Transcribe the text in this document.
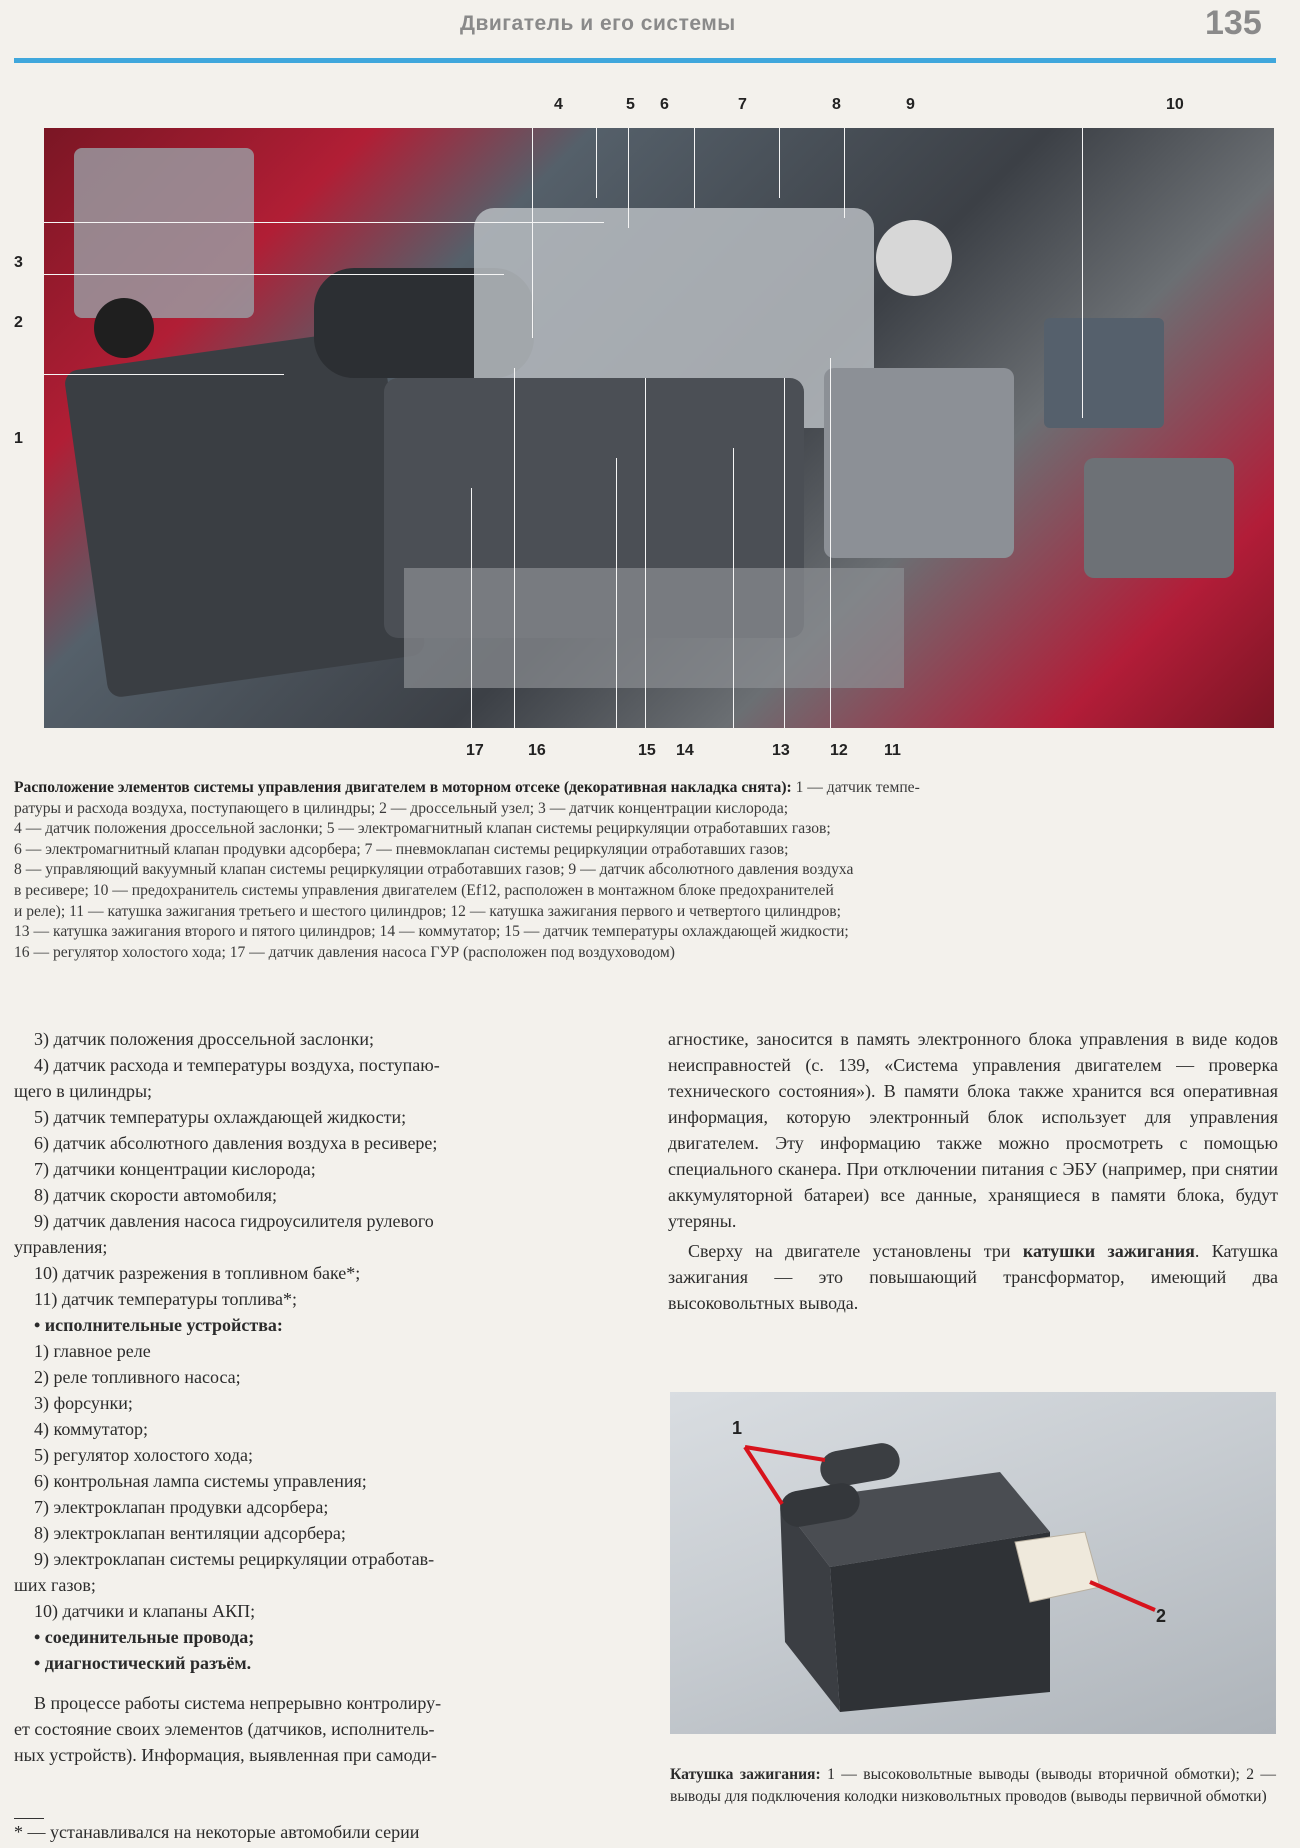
Двигатель и его системы	135
4	5 6	7	8	9	10
3
2
1
17	16	15 14	13	12 11
Расположение элементов системы управления двигателем в моторном отсеке (декоративная накладка снята): 1 — датчик темпе-
ратуры и расхода воздуха, поступающего в цилиндры; 2 — дроссельный узел; 3 — датчик концентрации кислорода;
4 — датчик положения дроссельной заслонки; 5 — электромагнитный клапан системы рециркуляции отработавших газов;
6 — электромагнитный клапан продувки адсорбера; 7 — пневмоклапан системы рециркуляции отработавших газов;
8 — управляющий вакуумный клапан системы рециркуляции отработавших газов; 9 — датчик абсолютного давления воздуха
в ресивере; 10 — предохранитель системы управления двигателем (Ef12, расположен в монтажном блоке предохранителей
и реле); 11 — катушка зажигания третьего и шестого цилиндров; 12 — катушка зажигания первого и четвертого цилиндров;
13 — катушка зажигания второго и пятого цилиндров; 14 — коммутатор; 15 — датчик температуры охлаждающей жидкости;
16 — регулятор холостого хода; 17 — датчик давления насоса ГУР (расположен под воздуховодом)
3) датчик положения дроссельной заслонки;
4) датчик расхода и температуры воздуха, поступаю-
щего в цилиндры;
5) датчик температуры охлаждающей жидкости;
6) датчик абсолютного давления воздуха в ресивере;
7) датчики концентрации кислорода;
8) датчик скорости автомобиля;
9) датчик давления насоса гидроусилителя рулевого
управления;
10) датчик разрежения в топливном баке*;
11) датчик температуры топлива*;
• исполнительные устройства:
1) главное реле
2) реле топливного насоса;
3) форсунки;
4) коммутатор;
5) регулятор холостого хода;
6) контрольная лампа системы управления;
7) электроклапан продувки адсорбера;
8) электроклапан вентиляции адсорбера;
9) электроклапан системы рециркуляции отработав-
ших газов;
10) датчики и клапаны АКП;
• соединительные провода;
• диагностический разъём.
В процессе работы система непрерывно контролиру-
ет состояние своих элементов (датчиков, исполнитель-
ных устройств). Информация, выявленная при самоди-

агностике, заносится в память электронного блока управления в виде кодов неисправностей (с. 139, «Система управления двигателем — проверка технического состояния»). В памяти блока также хранится вся оперативная информация, которую электронный блок использует для управления двигателем. Эту информацию также можно просмотреть с помощью специального сканера. При отключении питания с ЭБУ (например, при снятии аккумуляторной батареи) все данные, хранящиеся в памяти блока, будут утеряны.

Сверху на двигателе установлены три катушки зажигания. Катушка зажигания — это повышающий трансформатор, имеющий два высоковольтных вывода.

1
2
Катушка зажигания: 1 — высоковольтные выводы (выводы вторичной обмотки); 2 — выводы для подключения колодки низковольтных проводов (выводы первичной обмотки)
* — устанавливался на некоторые автомобили серии
